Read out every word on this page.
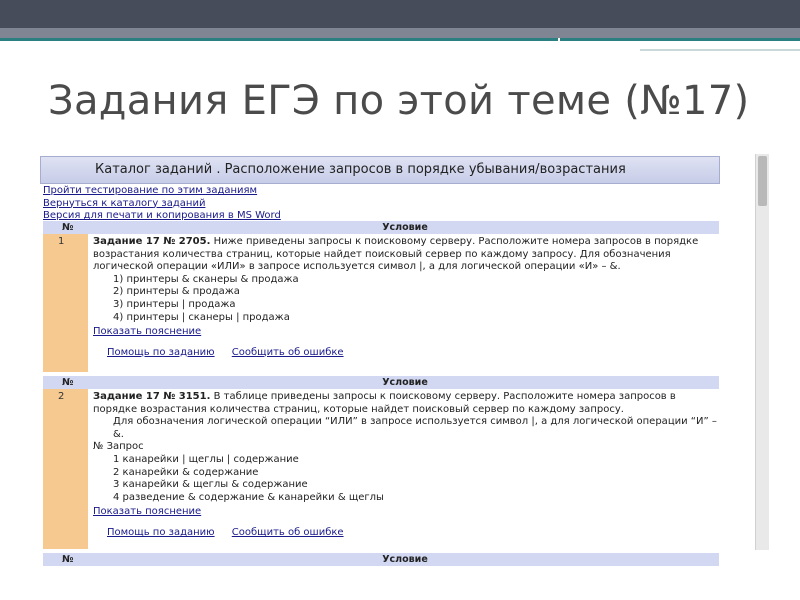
Задания ЕГЭ по этой теме (№17)
Каталог заданий . Расположение запросов в порядке убывания/возрастания
Пройти тестирование по этим заданиям
Вернуться к каталогу заданий
Версия для печати и копирования в MS Word
№	Условие
1	Задание 17 № 2705. Ниже приведены запросы к поисковому серверу. Расположите номера запросов в порядке возрастания количества страниц, которые найдет поисковый сервер по каждому запросу. Для обозначения логической операции «ИЛИ» в запросе используется символ |, а для логической операции «И» – &.
1) принтеры & сканеры & продажа
2) принтеры & продажа
3) принтеры | продажа
4) принтеры | сканеры | продажа
Показать пояснение
Помощь по заданию Сообщить об ошибке
№	Условие
2	Задание 17 № 3151. В таблице приведены запросы к поисковому серверу. Расположите номера запросов в порядке возрастания количества страниц, которые найдет поисковый сервер по каждому запросу.
Для обозначения логической операции “ИЛИ” в запросе используется символ |, а для логической операции “И” – &.
№ Запрос
1 канарейки | щеглы | содержание
2 канарейки & содержание
3 канарейки & щеглы & содержание
4 разведение & содержание & канарейки & щеглы
Показать пояснение
Помощь по заданию Сообщить об ошибке
№	Условие
